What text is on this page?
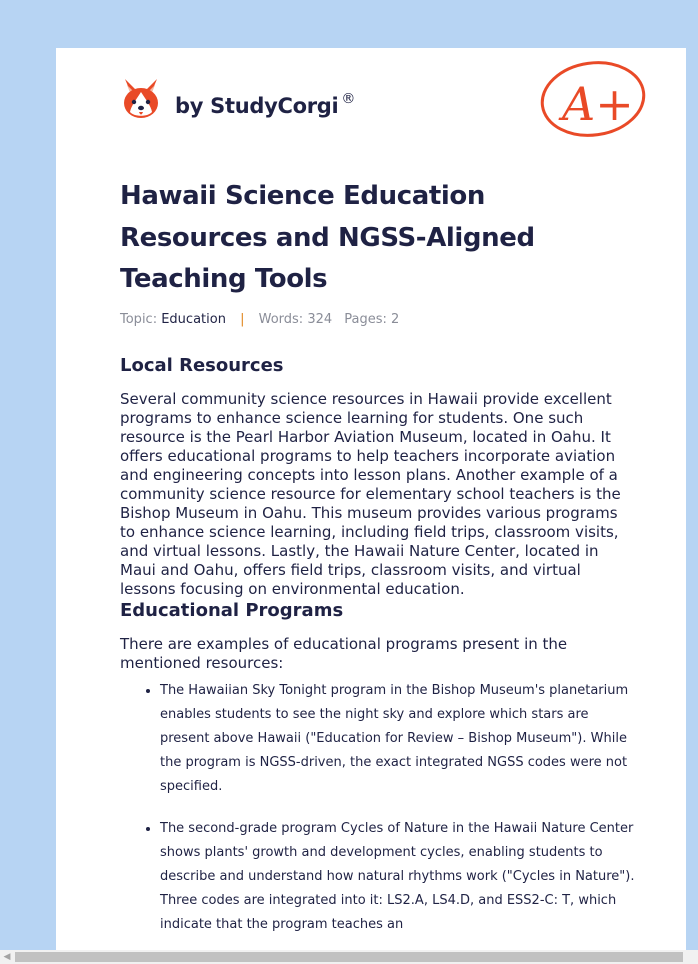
by StudyCorgi ®	A+
Hawaii Science Education Resources and NGSS-Aligned Teaching Tools
Topic: Education | Words: 324 Pages: 2
Local Resources

Several community science resources in Hawaii provide excellent programs to enhance science learning for students. One such resource is the Pearl Harbor Aviation Museum, located in Oahu. It offers educational programs to help teachers incorporate aviation and engineering concepts into lesson plans. Another example of a community science resource for elementary school teachers is the Bishop Museum in Oahu. This museum provides various programs to enhance science learning, including field trips, classroom visits, and virtual lessons. Lastly, the Hawaii Nature Center, located in Maui and Oahu, offers field trips, classroom visits, and virtual lessons focusing on environmental education.

Educational Programs

There are examples of educational programs present in the mentioned resources:

• The Hawaiian Sky Tonight program in the Bishop Museum's planetarium enables students to see the night sky and explore which stars are present above Hawaii ("Education for Review – Bishop Museum"). While the program is NGSS-driven, the exact integrated NGSS codes were not specified.
• The second-grade program Cycles of Nature in the Hawaii Nature Center shows plants' growth and development cycles, enabling students to describe and understand how natural rhythms work ("Cycles in Nature"). Three codes are integrated into it: LS2.A, LS4.D, and ESS2-C: T, which indicate that the program teaches an
◀
